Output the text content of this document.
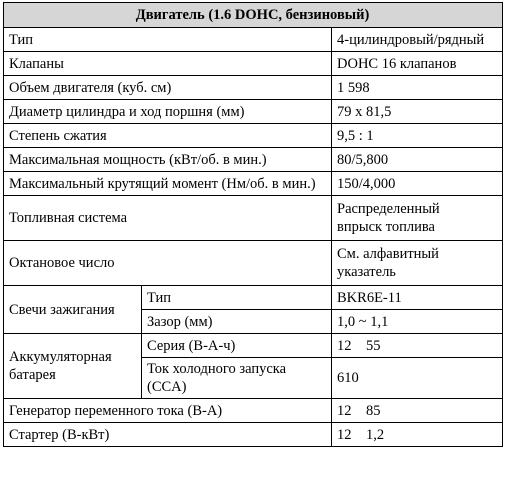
Двигатель (1.6 DOHC, бензиновый)		
Тип		4-цилиндровый/рядный
Клапаны		DOHC 16 клапанов
Объем двигателя (куб. см)		1 598
Диаметр цилиндра и ход поршня (мм)		79 x 81,5
Степень сжатия		9,5 : 1
Максимальная мощность (кВт/об. в мин.)		80/5,800
Максимальный крутящий момент (Нм/об. в мин.)		150/4,000
Топливная система		Распределенный
впрыск топлива
Октановое число		См. алфавитный
указатель
Свечи зажигания	Тип	BKR6E-11
	Зазор (мм)	1,0 ~ 1,1
Аккумуляторная
батарея	Серия (В-А-ч)	12    55
	Ток холодного запуска (CCA)	610
Генератор переменного тока (В-А)		12    85
Стартер (В-кВт)		12    1,2
